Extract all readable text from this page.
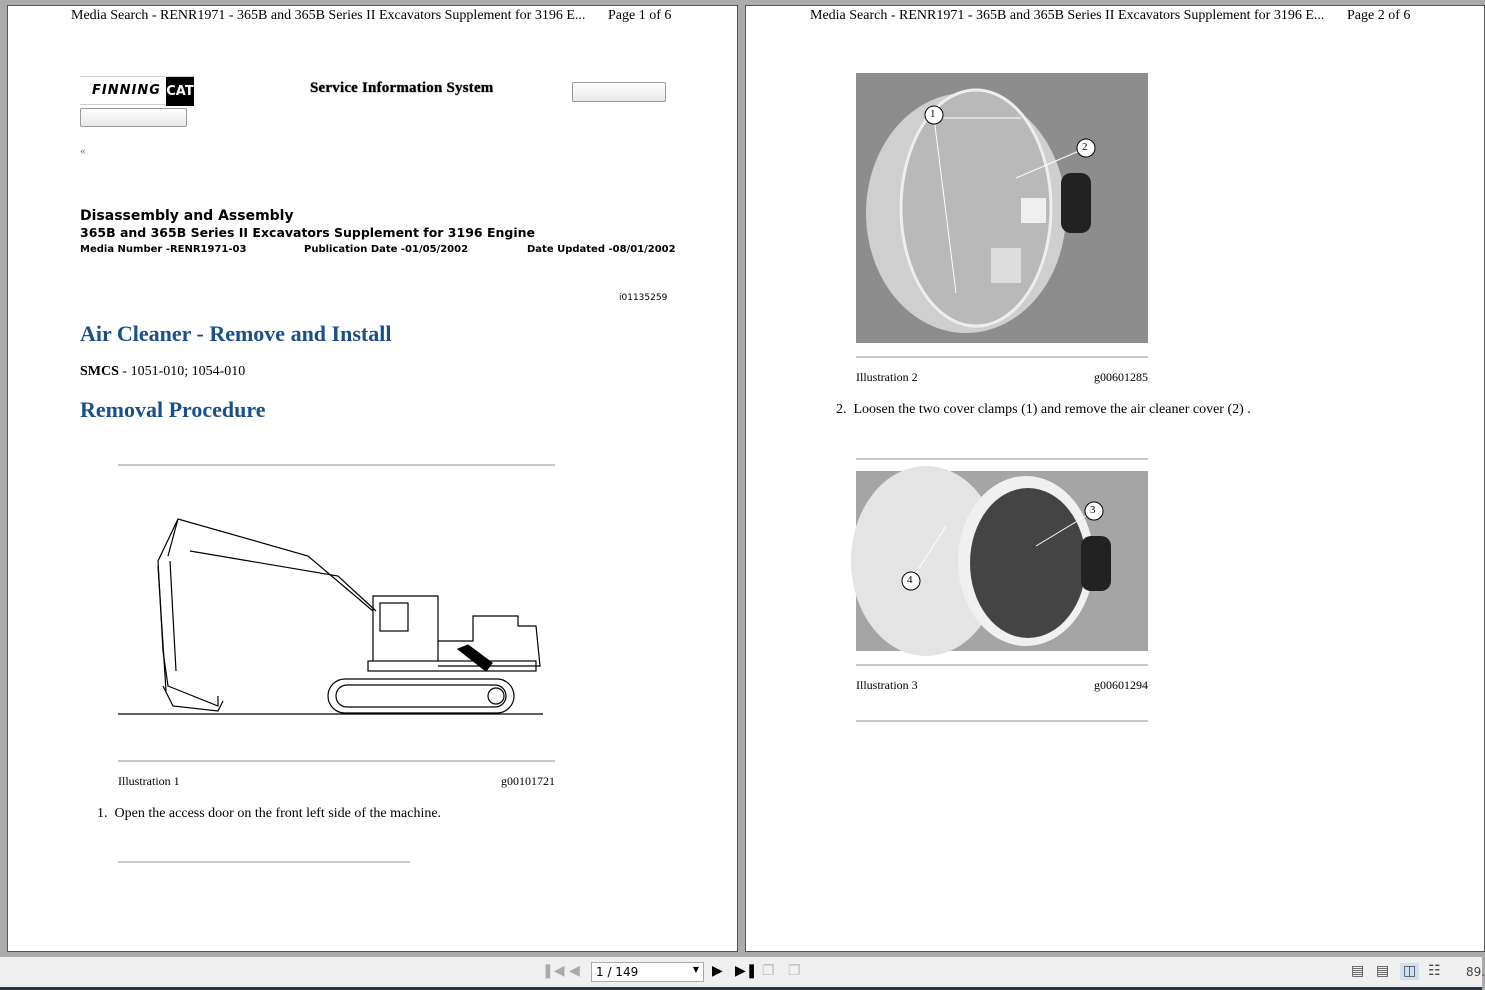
Media Search - RENR1971 - 365B and 365B Series II Excavators Supplement for 3196 E... Page 1 of 6
FINNING CAT	Service Information System
«
Disassembly and Assembly
365B and 365B Series II Excavators Supplement for 3196 Engine
Media Number -RENR1971-03	Publication Date -01/05/2002	Date Updated -08/01/2002
i01135259
Air Cleaner - Remove and Install
SMCS - 1051-010; 1054-010
Removal Procedure
Illustration 1	g00101721
1. Open the access door on the front left side of the machine.
Media Search - RENR1971 - 365B and 365B Series II Excavators Supplement for 3196 E... Page 2 of 6
1
2
Illustration 2	g00601285
2. Loosen the two cover clamps (1) and remove the air cleaner cover (2) .
3
4
Illustration 3	g00601294
❚◀ ◀	1 / 149	▼ ▶ ▶❚ ❐ ❐	▤ ▤ ◫ ☷ 89.
